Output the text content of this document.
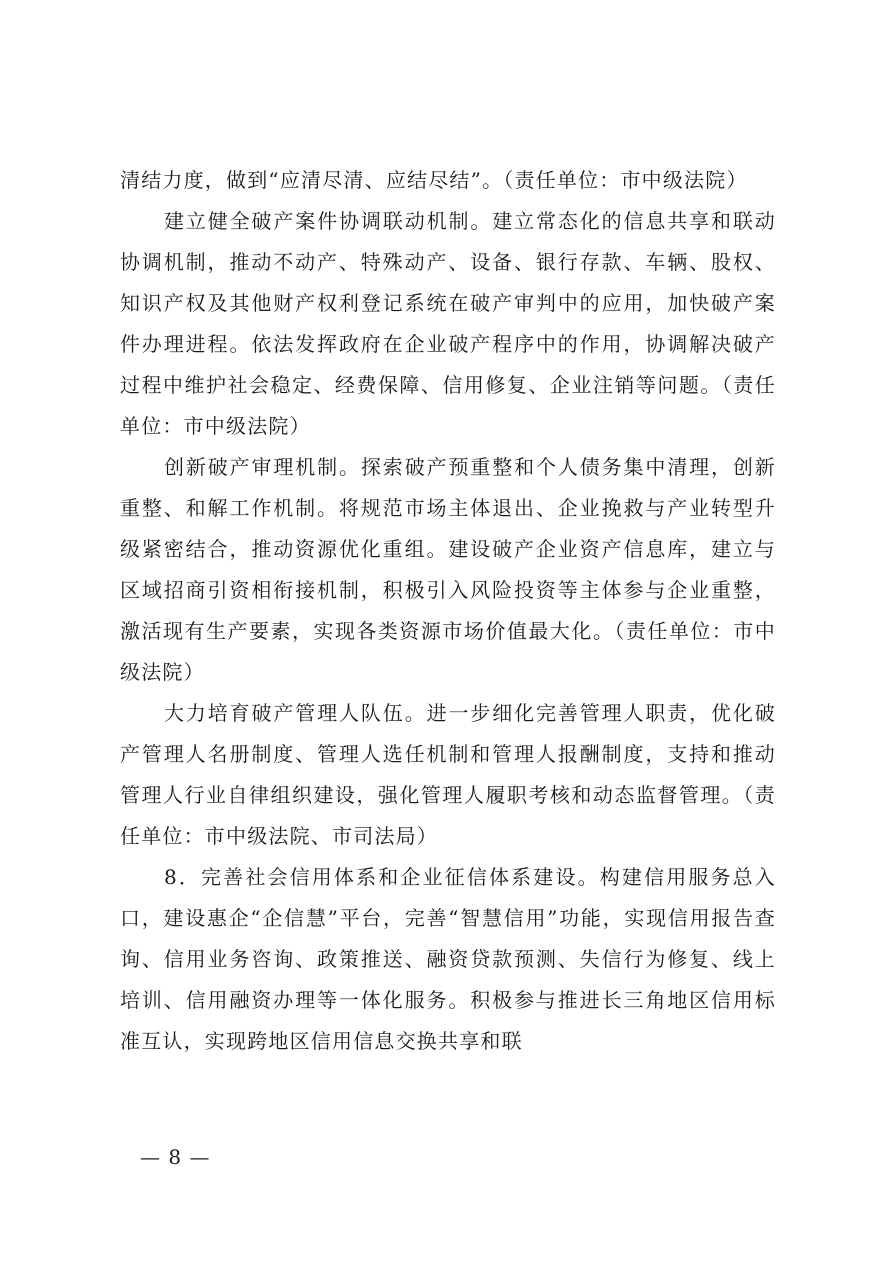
清结力度，做到“应清尽清、应结尽结”。（责任单位：市中级法院）

建立健全破产案件协调联动机制。建立常态化的信息共享和联动协调机制，推动不动产、特殊动产、设备、银行存款、车辆、股权、知识产权及其他财产权利登记系统在破产审判中的应用，加快破产案件办理进程。依法发挥政府在企业破产程序中的作用，协调解决破产过程中维护社会稳定、经费保障、信用修复、企业注销等问题。（责任单位：市中级法院）

创新破产审理机制。探索破产预重整和个人债务集中清理，创新重整、和解工作机制。将规范市场主体退出、企业挽救与产业转型升级紧密结合，推动资源优化重组。建设破产企业资产信息库，建立与区域招商引资相衔接机制，积极引入风险投资等主体参与企业重整，激活现有生产要素，实现各类资源市场价值最大化。（责任单位：市中级法院）

大力培育破产管理人队伍。进一步细化完善管理人职责，优化破产管理人名册制度、管理人选任机制和管理人报酬制度，支持和推动管理人行业自律组织建设，强化管理人履职考核和动态监督管理。（责任单位：市中级法院、市司法局）

8．完善社会信用体系和企业征信体系建设。构建信用服务总入口，建设惠企“企信慧”平台，完善“智慧信用”功能，实现信用报告查询、信用业务咨询、政策推送、融资贷款预测、失信行为修复、线上培训、信用融资办理等一体化服务。积极参与推进长三角地区信用标准互认，实现跨地区信用信息交换共享和联

— 8 —
